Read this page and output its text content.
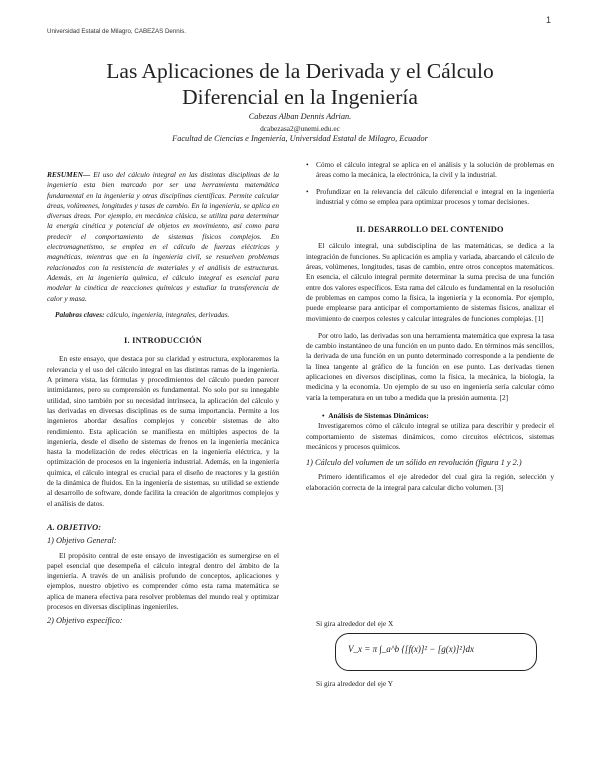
Universidad Estatal de Milagro, CABEZAS Dennis.
1
Las Aplicaciones de la Derivada y el Cálculo
Diferencial en la Ingeniería
Cabezas Alban Dennis Adrian.
dcabezasa2@unemi.edu.ec
Facultad de Ciencias e Ingeniería, Universidad Estatal de Milagro, Ecuador

RESUMEN— El uso del cálculo integral en las distintas disciplinas de la ingeniería esta bien marcado por ser una herramienta matemática fundamental en la ingeniería y otras disciplinas científicas. Permite calcular áreas, volúmenes, longitudes y tasas de cambio. En la ingeniería, se aplica en diversas áreas. Por ejemplo, en mecánica clásica, se utiliza para determinar la energía cinética y potencial de objetos en movimiento, así como para predecir el comportamiento de sistemas físicos complejos. En electromagnetismo, se emplea en el cálculo de fuerzas eléctricas y magnéticas, mientras que en la ingeniería civil, se resuelven problemas relacionados con la resistencia de materiales y el análisis de estructuras. Además, en la ingeniería química, el cálculo integral es esencial para modelar la cinética de reacciones químicas y estudiar la transferencia de calor y masa.

Palabras claves: cálculo, ingeniería, integrales, derivadas.

I. INTRODUCCIÓN

En este ensayo, que destaca por su claridad y estructura, exploraremos la relevancia y el uso del cálculo integral en las distintas ramas de la ingeniería. A primera vista, las fórmulas y procedimientos del cálculo pueden parecer intimidantes, pero su comprensión es fundamental. No solo por su innegable utilidad, sino también por su necesidad intrínseca, la aplicación del cálculo y las derivadas en diversas disciplinas es de suma importancia. Permite a los ingenieros abordar desafíos complejos y concebir sistemas de alto rendimiento. Esta aplicación se manifiesta en múltiples aspectos de la ingeniería, desde el diseño de sistemas de frenos en la ingeniería mecánica hasta la modelización de redes eléctricas en la ingeniería eléctrica, y la optimización de procesos en la ingeniería industrial. Además, en la ingeniería química, el cálculo integral es crucial para el diseño de reactores y la gestión de la dinámica de fluidos. En la ingeniería de sistemas, su utilidad se extiende al desarrollo de software, donde facilita la creación de algoritmos complejos y el análisis de datos.

A. OBJETIVO:

1) Objetivo General:

El propósito central de este ensayo de investigación es sumergirse en el papel esencial que desempeña el cálculo integral dentro del ámbito de la ingeniería. A través de un análisis profundo de conceptos, aplicaciones y ejemplos, nuestro objetivo es comprender cómo esta rama matemática se aplica de manera efectiva para resolver problemas del mundo real y optimizar procesos en diversas disciplinas ingenieriles.

2) Objetivo específico:

• Cómo el cálculo integral se aplica en el análisis y la solución de problemas en áreas como la mecánica, la electrónica, la civil y la industrial.

• Profundizar en la relevancia del cálculo diferencial e integral en la ingeniería industrial y cómo se emplea para optimizar procesos y tomar decisiones.

II. DESARROLLO DEL CONTENIDO

El cálculo integral, una subdisciplina de las matemáticas, se dedica a la integración de funciones. Su aplicación es amplia y variada, abarcando el cálculo de áreas, volúmenes, longitudes, tasas de cambio, entre otros conceptos matemáticos. En esencia, el cálculo integral permite determinar la suma precisa de una función entre dos valores específicos. Esta rama del cálculo es fundamental en la resolución de problemas en campos como la física, la ingeniería y la economía. Por ejemplo, puede emplearse para anticipar el comportamiento de sistemas físicos, analizar el movimiento de cuerpos celestes y calcular integrales de funciones complejas. [1]

Por otro lado, las derivadas son una herramienta matemática que expresa la tasa de cambio instantáneo de una función en un punto dado. En términos más sencillos, la derivada de una función en un punto determinado corresponde a la pendiente de la línea tangente al gráfico de la función en ese punto. Las derivadas tienen aplicaciones en diversos disciplinas, como la física, la mecánica, la biología, la medicina y la economía. Un ejemplo de su uso en ingeniería sería calcular cómo varía la temperatura en un tubo a medida que la presión aumenta. [2]

•  Análisis de Sistemas Dinámicos:

Investigaremos cómo el cálculo integral se utiliza para describir y predecir el comportamiento de sistemas dinámicos, como circuitos eléctricos, sistemas mecánicos y procesos químicos.

1) Cálculo del volumen de un sólido en revolución (figura 1 y 2.)

Primero identificamos el eje alrededor del cual gira la región, selección y elaboración correcta de la integral para calcular dicho volumen. [3]

Si gira alrededor del eje X
V_x = π ∫_a^b {[f(x)]² − [g(x)]²}dx
Si gira alrededor del eje Y
